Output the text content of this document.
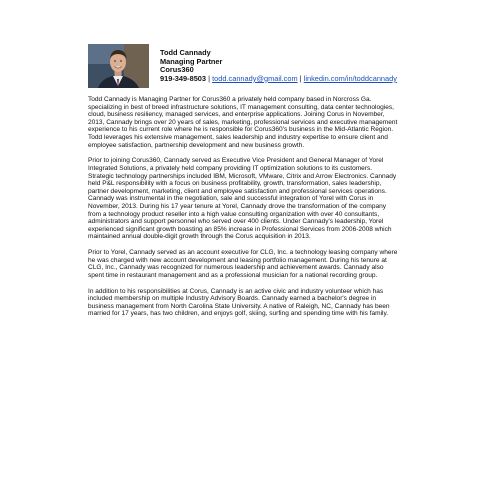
Todd Cannady
Managing Partner
Corus360
919-349-8503 | todd.cannady@gmail.com | linkedin.com/in/toddcannady

Todd Cannady is Managing Partner for Corus360 a privately held company based in Norcross Ga.
specializing in best of breed infrastructure solutions, IT management consulting, data center technologies,
cloud, business resiliency, managed services, and enterprise applications. Joining Corus in November,
2013, Cannady brings over 20 years of sales, marketing, professional services and executive management
experience to his current role where he is responsible for Corus360's business in the Mid-Atlantic Region.
Todd leverages his extensive management, sales leadership and industry expertise to ensure client and
employee satisfaction, partnership development and new business growth.

Prior to joining Corus360, Cannady served as Executive Vice President and General Manager of Yorel
Integrated Solutions, a privately held company providing IT optimization solutions to its customers.
Strategic technology partnerships included IBM, Microsoft, VMware, Citrix and Arrow Electronics. Cannady
held P&L responsibility with a focus on business profitability, growth, transformation, sales leadership,
partner development, marketing, client and employee satisfaction and professional services operations.
Cannady was instrumental in the negotiation, sale and successful integration of Yorel with Corus in
November, 2013. During his 17 year tenure at Yorel, Cannady drove the transformation of the company
from a technology product reseller into a high value consulting organization with over 40 consultants,
administrators and support personnel who served over 400 clients. Under Cannady's leadership, Yorel
experienced significant growth boasting an 85% increase in Professional Services from 2006-2008 which
maintained annual double-digit growth through the Corus acquisition in 2013.

Prior to Yorel, Cannady served as an account executive for CLG, Inc. a technology leasing company where
he was charged with new account development and leasing portfolio management. During his tenure at
CLG, Inc., Cannady was recognized for numerous leadership and achievement awards. Cannady also
spent time in restaurant management and as a professional musician for a national recording group.

In addition to his responsibilities at Corus, Cannady is an active civic and industry volunteer which has
included membership on multiple Industry Advisory Boards. Cannady earned a bachelor's degree in
business management from North Carolina State University. A native of Raleigh, NC, Cannady has been
married for 17 years, has two children, and enjoys golf, skiing, surfing and spending time with his family.
